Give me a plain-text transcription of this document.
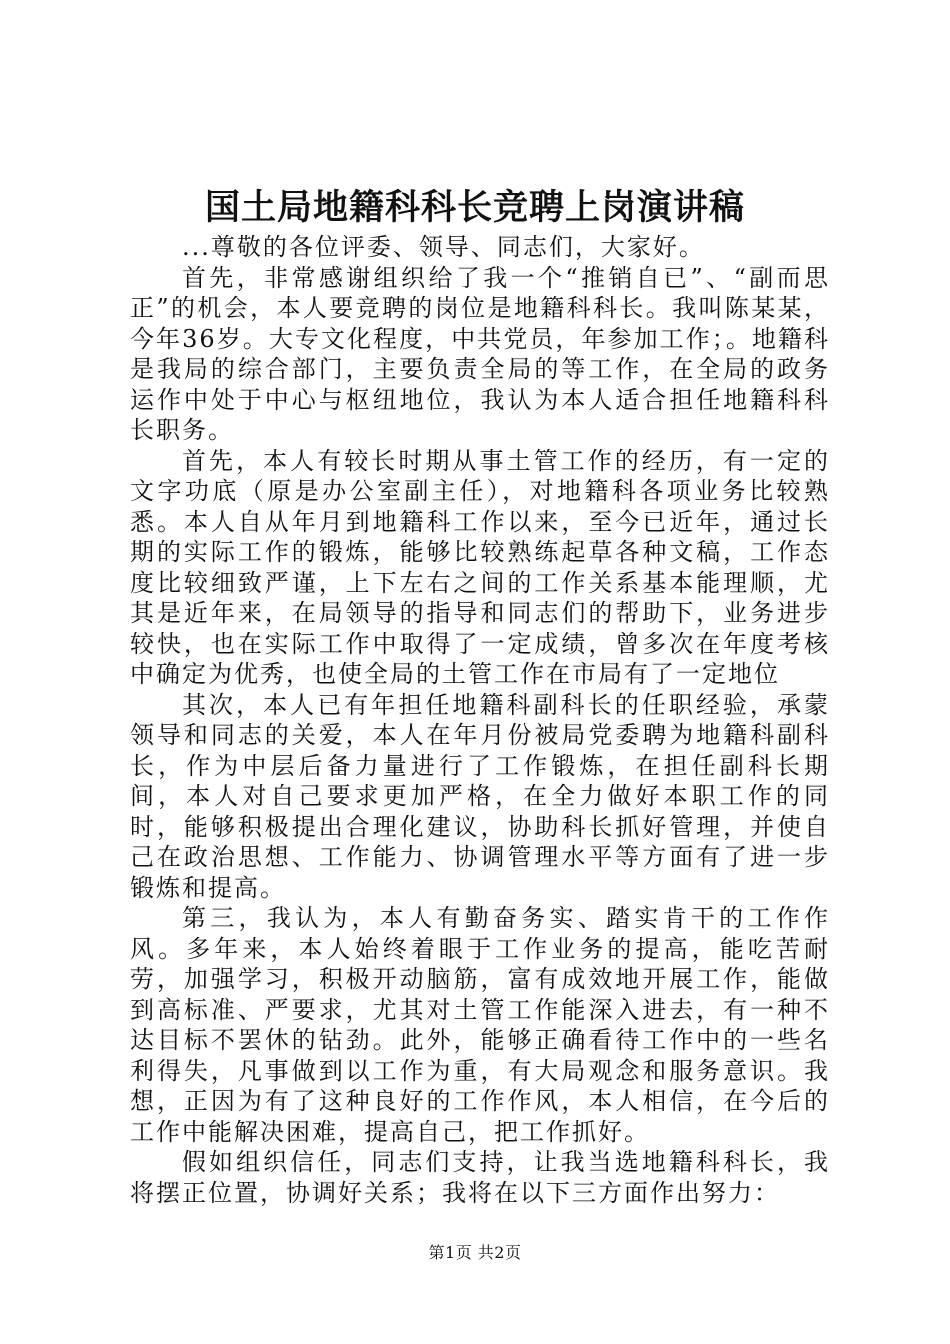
国土局地籍科科长竞聘上岗演讲稿

...尊敬的各位评委、领导、同志们，大家好。

首先，非常感谢组织给了我一个“推销自已”、“副而思正”的机会，本人要竞聘的岗位是地籍科科长。我叫陈某某，今年36岁。大专文化程度，中共党员，年参加工作；。地籍科是我局的综合部门，主要负责全局的等工作，在全局的政务运作中处于中心与枢纽地位，我认为本人适合担任地籍科科长职务。

首先，本人有较长时期从事土管工作的经历，有一定的文字功底（原是办公室副主任），对地籍科各项业务比较熟悉。本人自从年月到地籍科工作以来，至今已近年，通过长期的实际工作的锻炼，能够比较熟练起草各种文稿，工作态度比较细致严谨，上下左右之间的工作关系基本能理顺，尤其是近年来，在局领导的指导和同志们的帮助下，业务进步较快，也在实际工作中取得了一定成绩，曾多次在年度考核中确定为优秀，也使全局的土管工作在市局有了一定地位

其次，本人已有年担任地籍科副科长的任职经验，承蒙领导和同志的关爱，本人在年月份被局党委聘为地籍科副科长，作为中层后备力量进行了工作锻炼，在担任副科长期间，本人对自己要求更加严格，在全力做好本职工作的同时，能够积极提出合理化建议，协助科长抓好管理，并使自己在政治思想、工作能力、协调管理水平等方面有了进一步锻炼和提高。

第三，我认为，本人有勤奋务实、踏实肯干的工作作风。多年来，本人始终着眼于工作业务的提高，能吃苦耐劳，加强学习，积极开动脑筋，富有成效地开展工作，能做到高标准、严要求，尤其对土管工作能深入进去，有一种不达目标不罢休的钻劲。此外，能够正确看待工作中的一些名利得失，凡事做到以工作为重，有大局观念和服务意识。我想，正因为有了这种良好的工作作风，本人相信，在今后的工作中能解决困难，提高自己，把工作抓好。

假如组织信任，同志们支持，让我当选地籍科科长，我将摆正位置，协调好关系；我将在以下三方面作出努力：

第1页 共2页
